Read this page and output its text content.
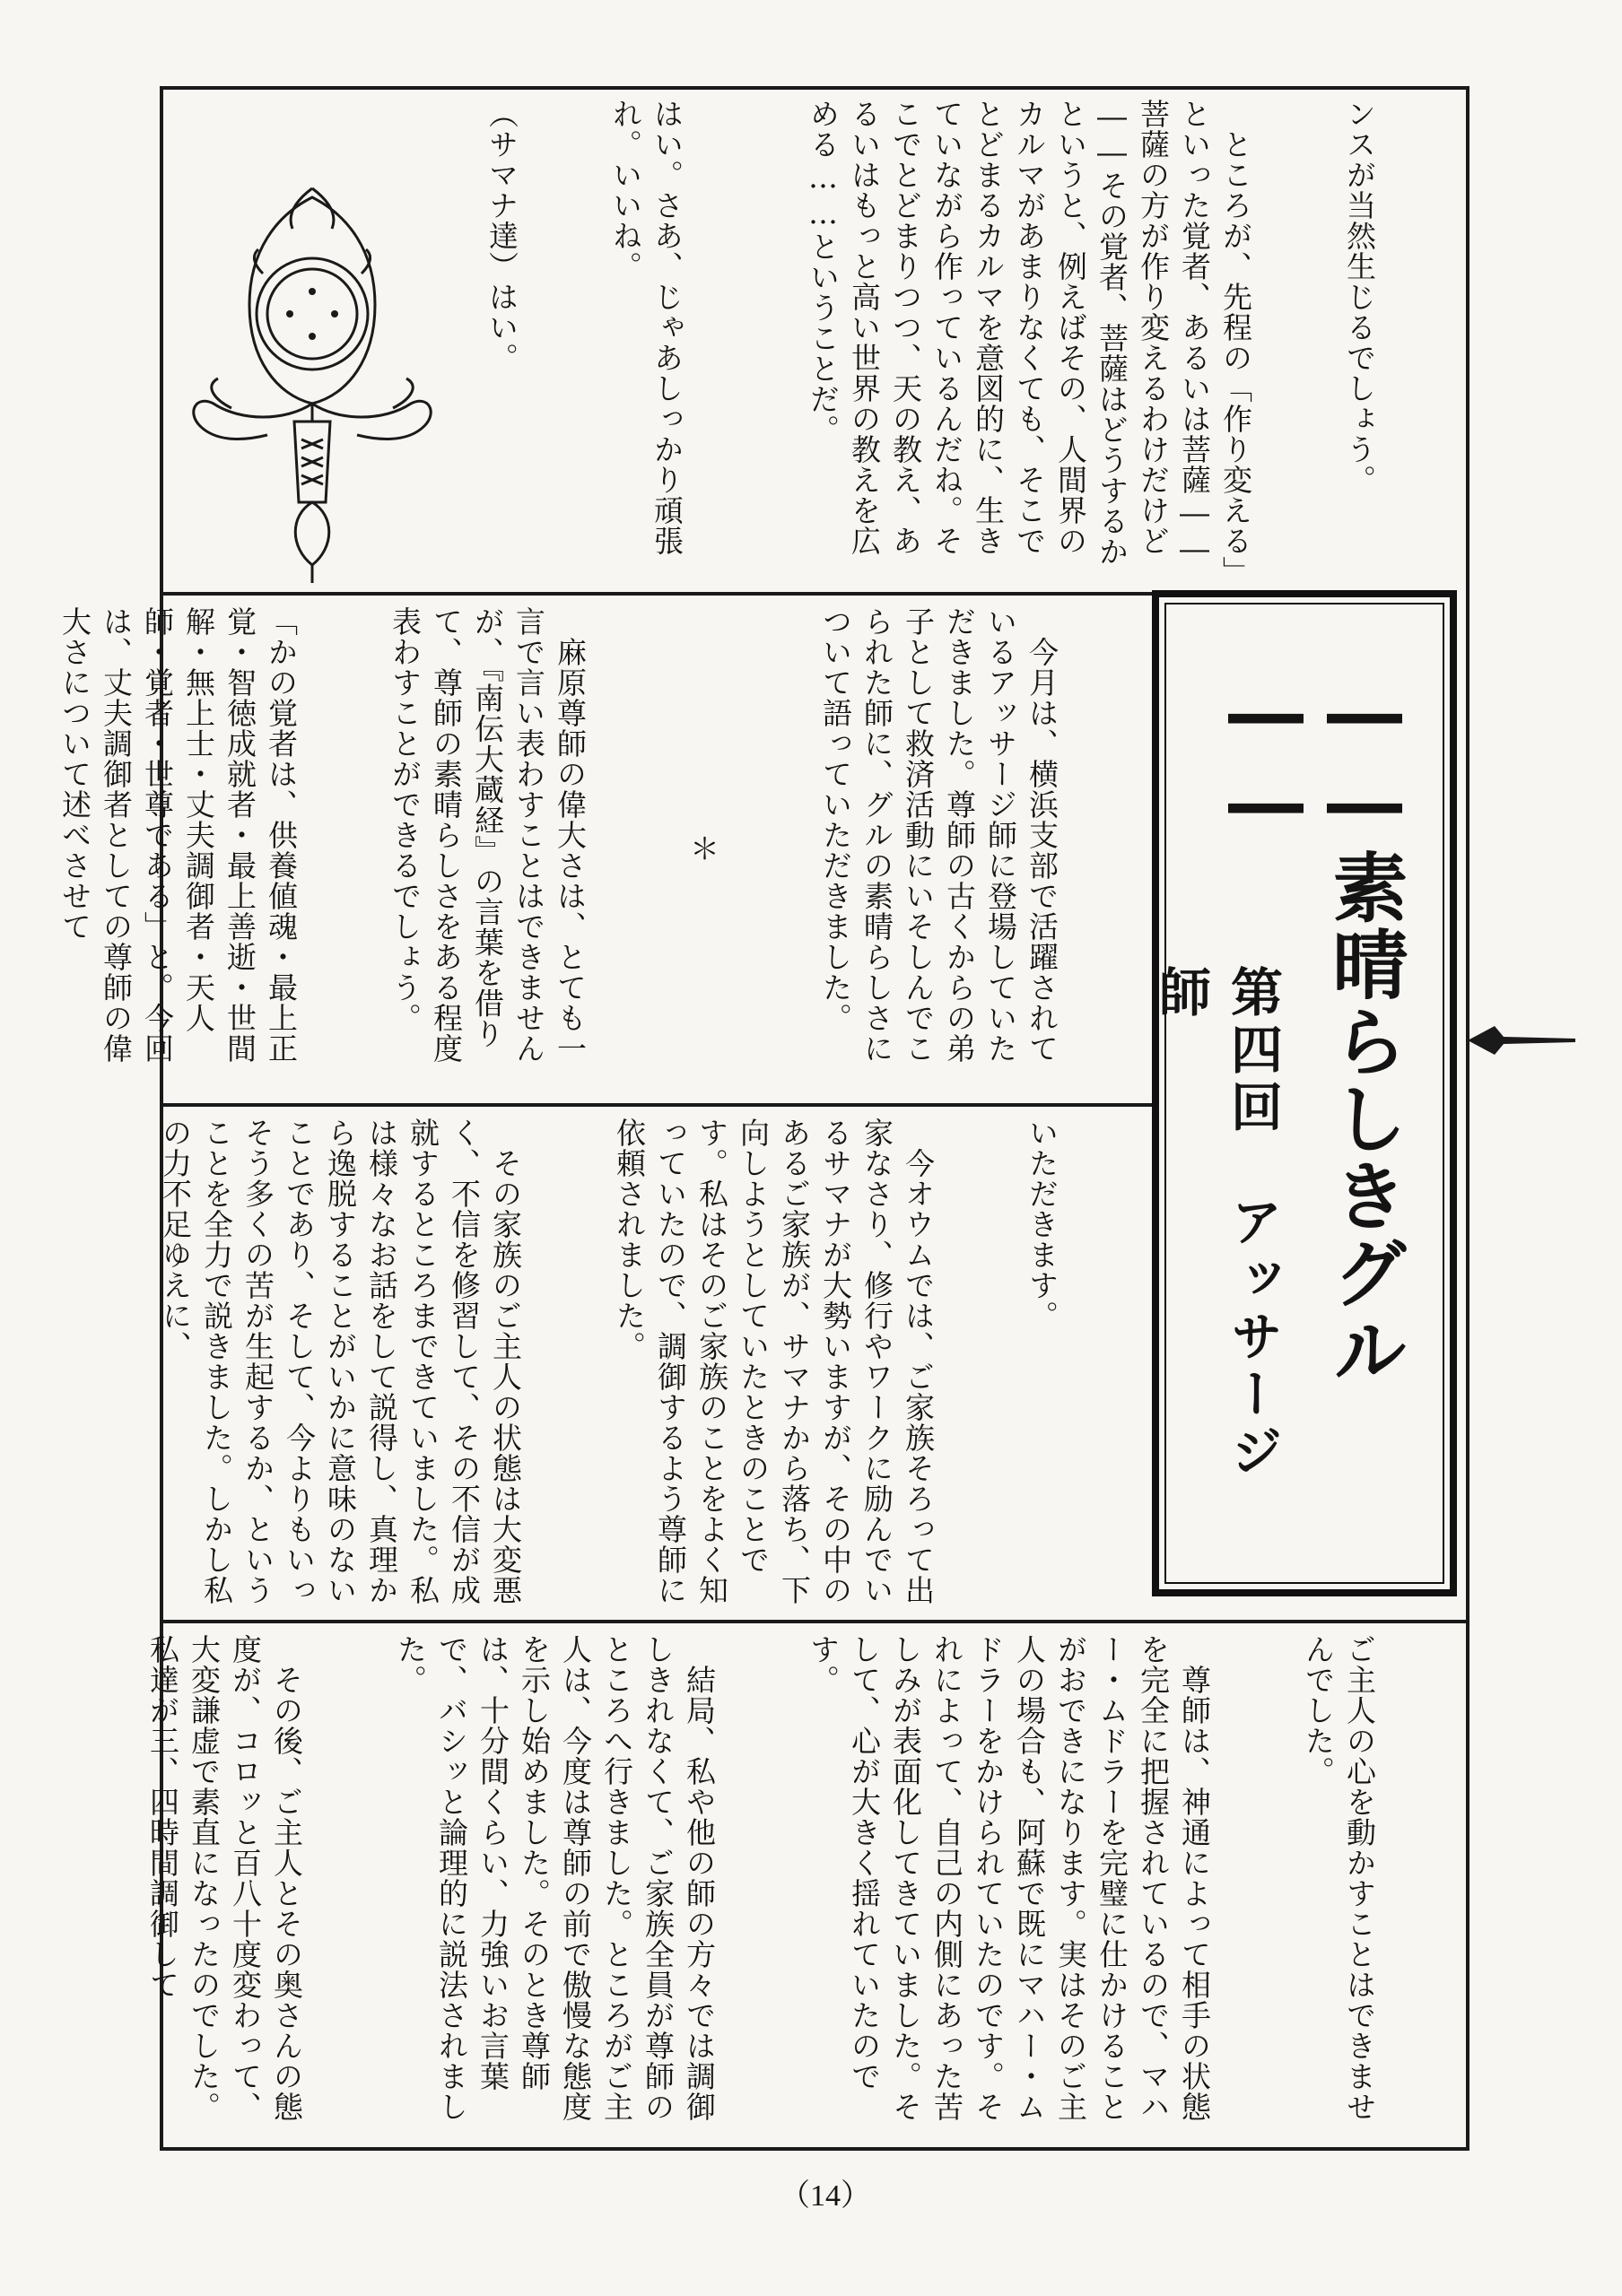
ンスが当然生じるでしょう。

　ところが、先程の「作り変える」といった覚者、あるいは菩薩――菩薩の方が作り変えるわけだけど――その覚者、菩薩はどうするかというと、例えばその、人間界のカルマがあまりなくても、そこでとどまるカルマを意図的に、生きていながら作っているんだね。そこでとどまりつつ、天の教え、あるいはもっと高い世界の教えを広める……ということだ。

はい。さあ、じゃあしっかり頑張れ。いいね。

（サマナ達）はい。

　今月は、横浜支部で活躍されているアッサージ師に登場していただきました。尊師の古くからの弟子として救済活動にいそしんでこられた師に、グルの素晴らしさについて語っていただきました。

＊

　麻原尊師の偉大さは、とても一言で言い表わすことはできませんが、『南伝大蔵経』の言葉を借りて、尊師の素晴らしさをある程度表わすことができるでしょう。

「かの覚者は、供養値魂・最上正覚・智徳成就者・最上善逝・世間解・無上士・丈夫調御者・天人師・覚者・世尊である」と。今回は、丈夫調御者としての尊師の偉大さについて述べさせて

いただきます。

　今オウムでは、ご家族そろって出家なさり、修行やワークに励んでいるサマナが大勢いますが、その中のあるご家族が、サマナから落ち、下向しようとしていたときのことです。私はそのご家族のことをよく知っていたので、調御するよう尊師に依頼されました。

　その家族のご主人の状態は大変悪く、不信を修習して、その不信が成就するところまできていました。私は様々なお話をして説得し、真理から逸脱することがいかに意味のないことであり、そして、今よりもいっそう多くの苦が生起するか、ということを全力で説きました。しかし私の力不足ゆえに、	――素晴らしきグル――
第四回　アッサージ師

ご主人の心を動かすことはできませんでした。

　尊師は、神通によって相手の状態を完全に把握されているので、マハー・ムドラーを完璧に仕かけることがおできになります。実はそのご主人の場合も、阿蘇で既にマハー・ムドラーをかけられていたのです。それによって、自己の内側にあった苦しみが表面化してきていました。そして、心が大きく揺れていたのです。

　結局、私や他の師の方々では調御しきれなくて、ご家族全員が尊師のところへ行きました。ところがご主人は、今度は尊師の前で傲慢な態度を示し始めました。そのとき尊師は、十分間くらい、力強いお言葉で、バシッと論理的に説法されました。

　その後、ご主人とその奥さんの態度が、コロッと百八十度変わって、大変謙虚で素直になったのでした。私達が三、四時間調御して

（14）
